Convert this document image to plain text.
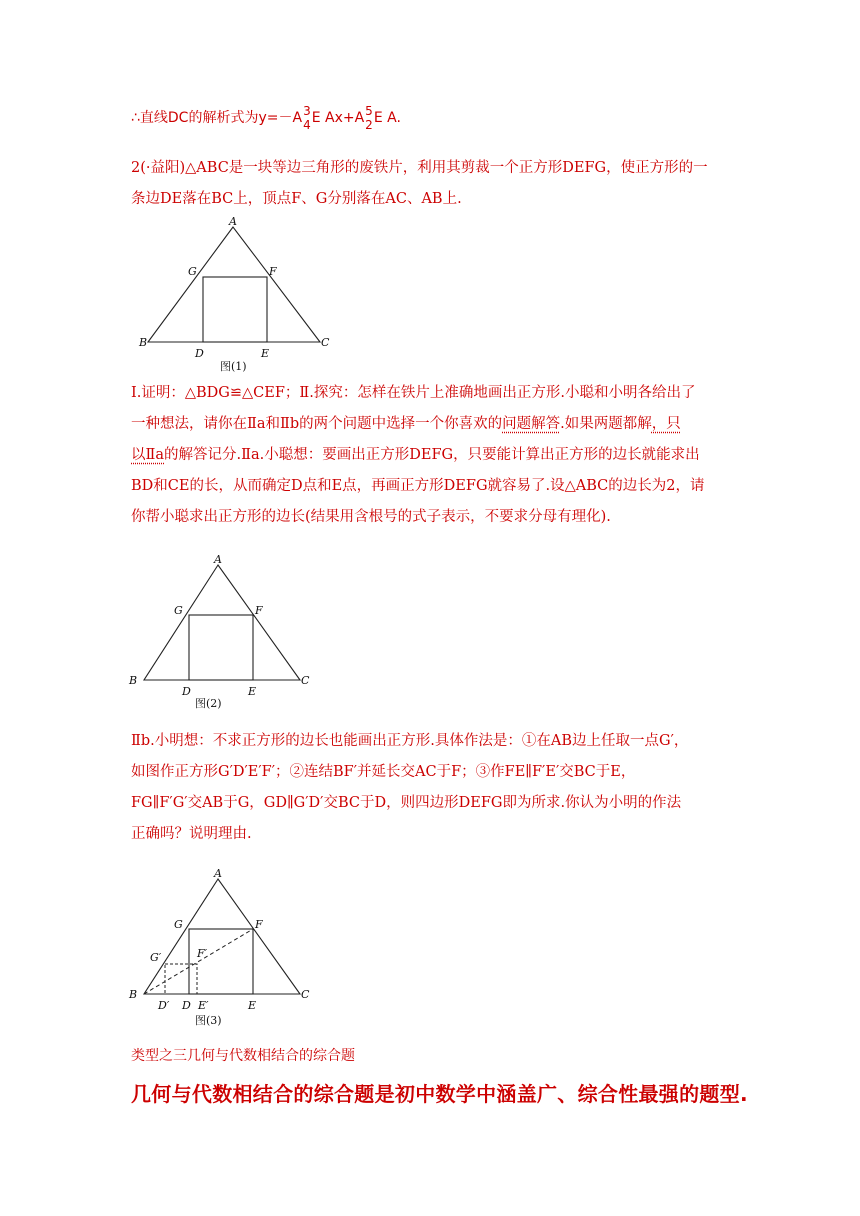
∴直线DC的解析式为y=－A 3
4 E Ax+A 5
2 E A.

2(·益阳)△ABC是一块等边三角形的废铁片，利用其剪裁一个正方形DEFG，使正方形的一

条边DE落在BC上，顶点F、G分别落在AC、AB上.

A
G	F
B	C
D	E
图(1)

Ⅰ.证明：△BDG≌△CEF；Ⅱ.探究：怎样在铁片上准确地画出正方形.小聪和小明各给出了

一种想法，请你在Ⅱa和Ⅱb的两个问题中选择一个你喜欢的问题解答.如果两题都解，只

以Ⅱa的解答记分.Ⅱa.小聪想：要画出正方形DEFG，只要能计算出正方形的边长就能求出

BD和CE的长，从而确定D点和E点，再画正方形DEFG就容易了.设△ABC的边长为2，请

你帮小聪求出正方形的边长(结果用含根号的式子表示，不要求分母有理化).

A
G	F
B	C
D	E
图(2)

Ⅱb.小明想：不求正方形的边长也能画出正方形.具体作法是：①在AB边上任取一点G′，

如图作正方形G′D′E′F′；②连结BF′并延长交AC于F；③作FE∥F′E′交BC于E，

FG∥F′G′交AB于G，GD∥G′D′交BC于D，则四边形DEFG即为所求.你认为小明的作法

正确吗？说明理由.

A
G	F
G′	F′
B	C
D′ D E′	E
图(3)
类型之三几何与代数相结合的综合题
几何与代数相结合的综合题是初中数学中涵盖广、综合性最强的题型.
